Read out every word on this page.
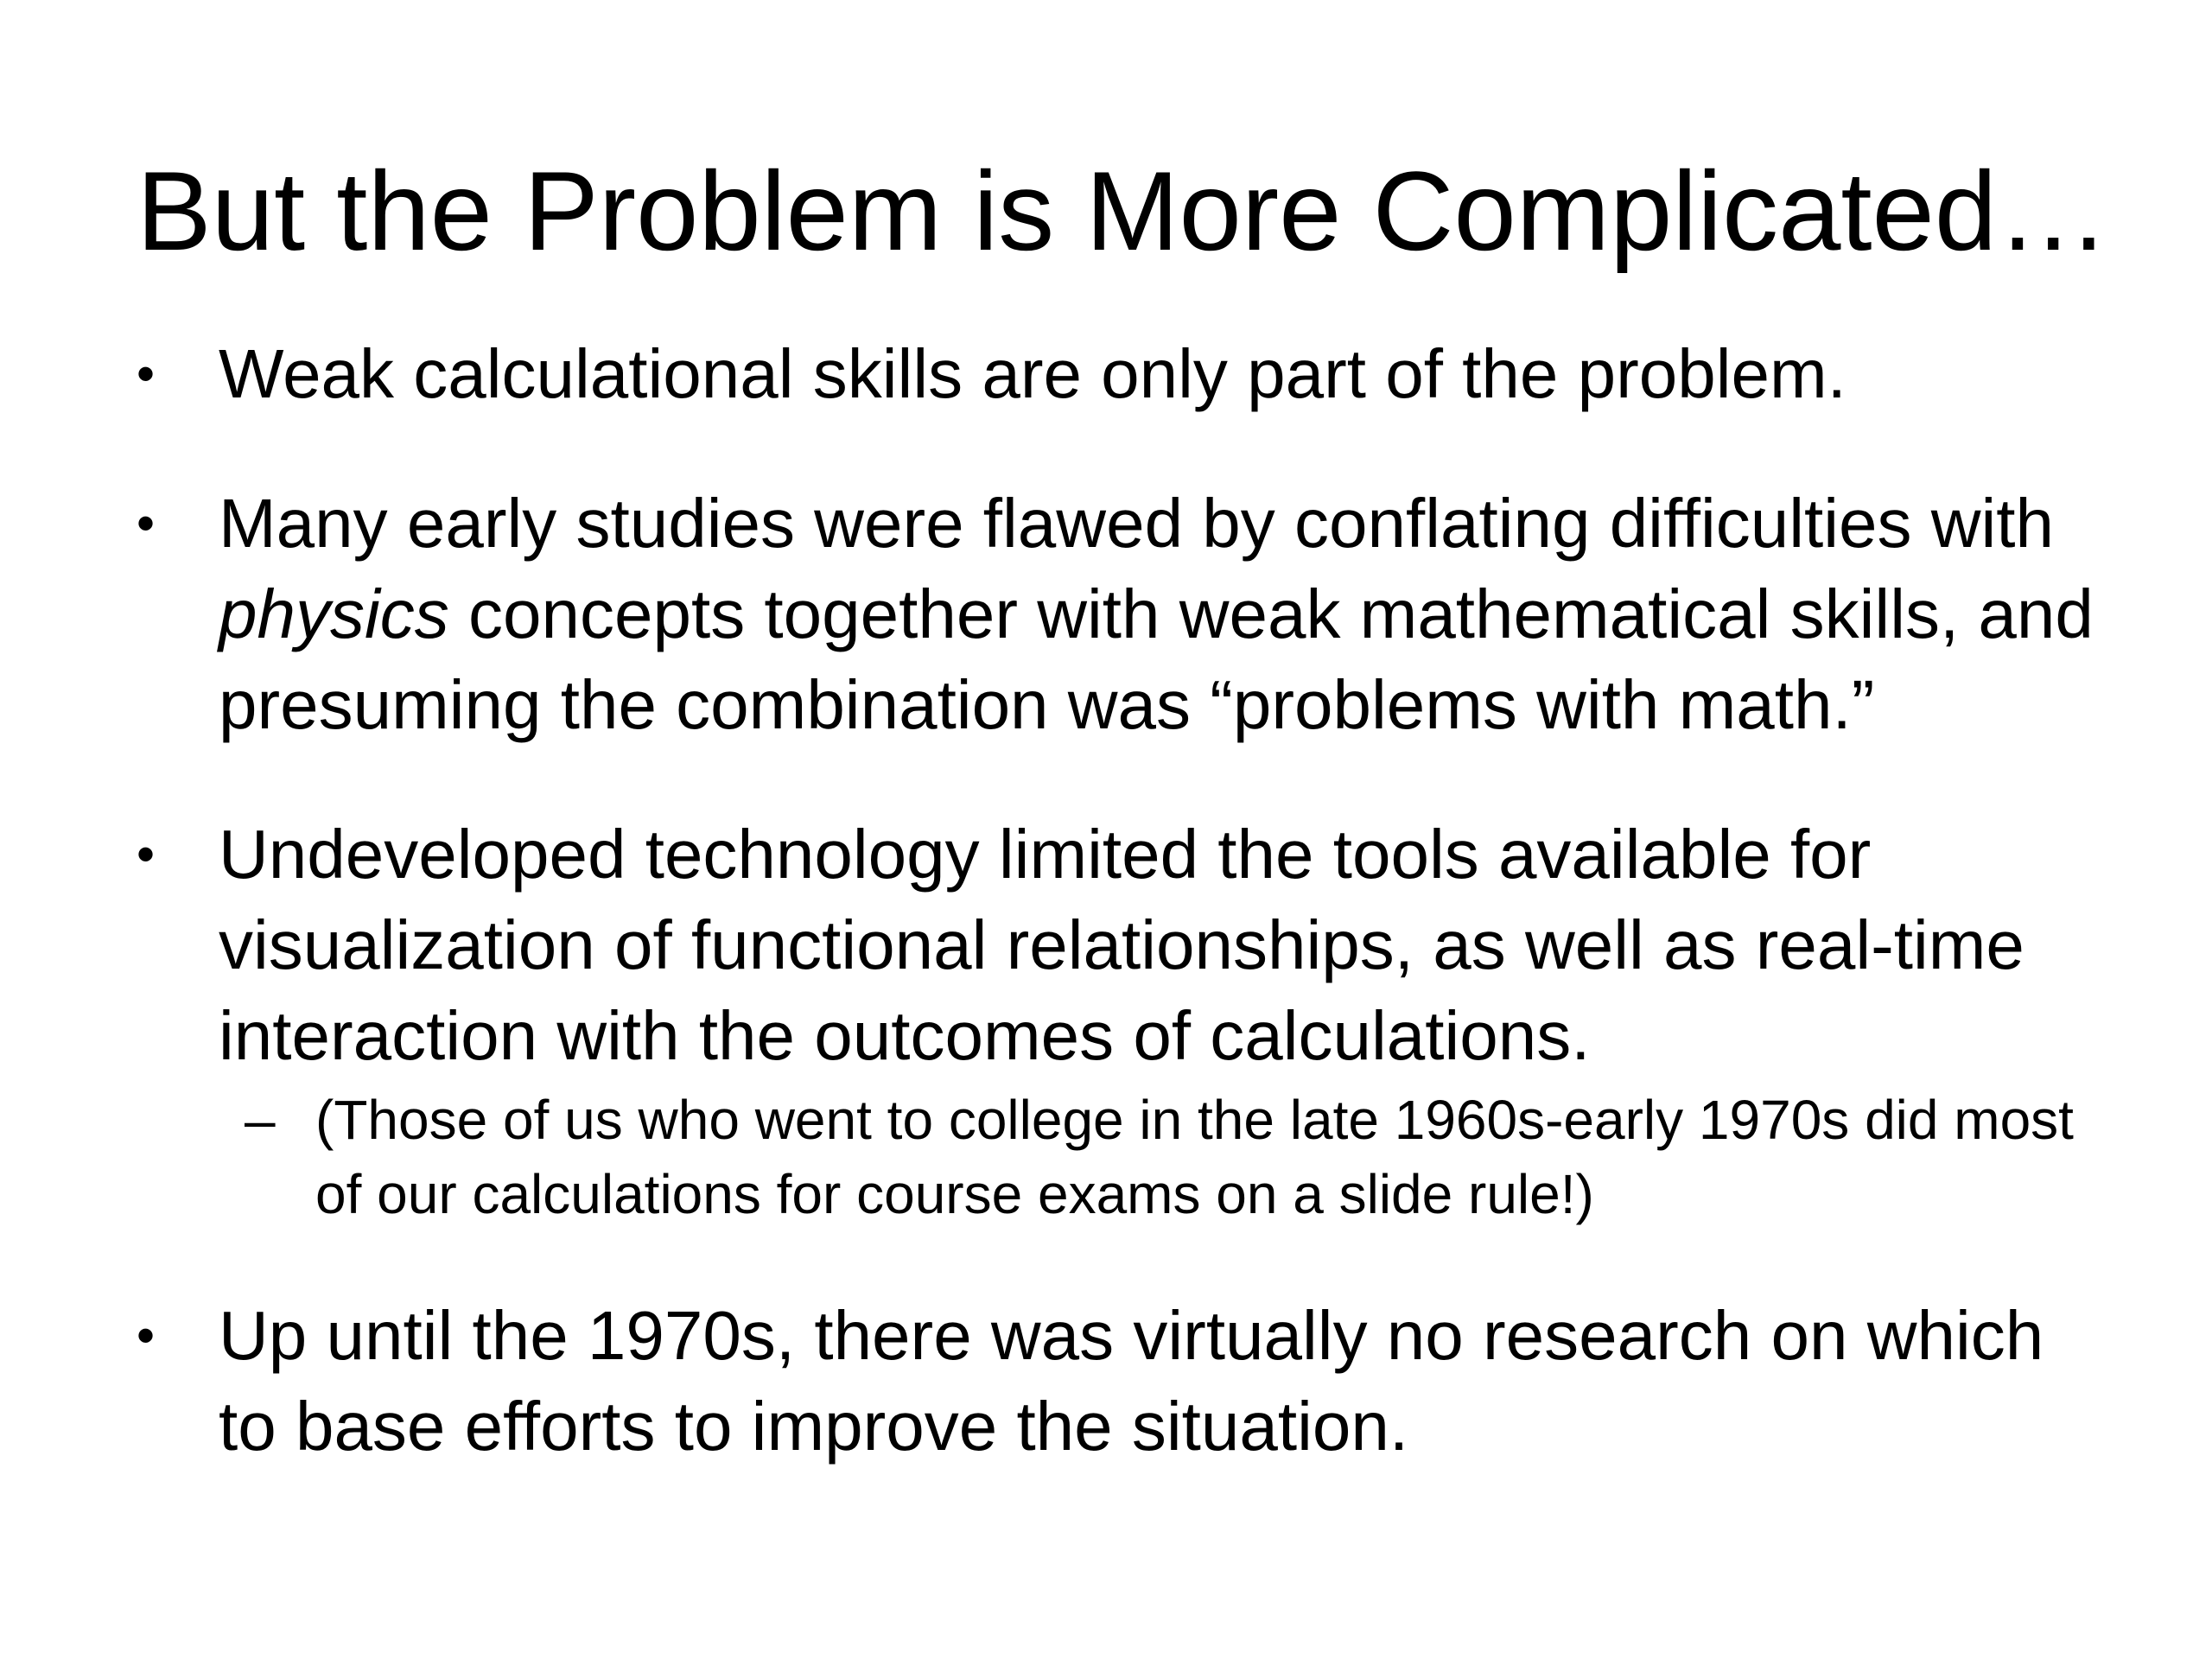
But the Problem is More Complicated…
• Weak calculational skills are only part of the problem.
• Many early studies were flawed by conflating difficulties with physics concepts together with weak mathematical skills, and presuming the combination was “problems with math.”
• Undeveloped technology limited the tools available for visualization of functional relationships, as well as real-time interaction with the outcomes of calculations.
– (Those of us who went to college in the late 1960s-early 1970s did most of our calculations for course exams on a slide rule!)
• Up until the 1970s, there was virtually no research on which to base efforts to improve the situation.
